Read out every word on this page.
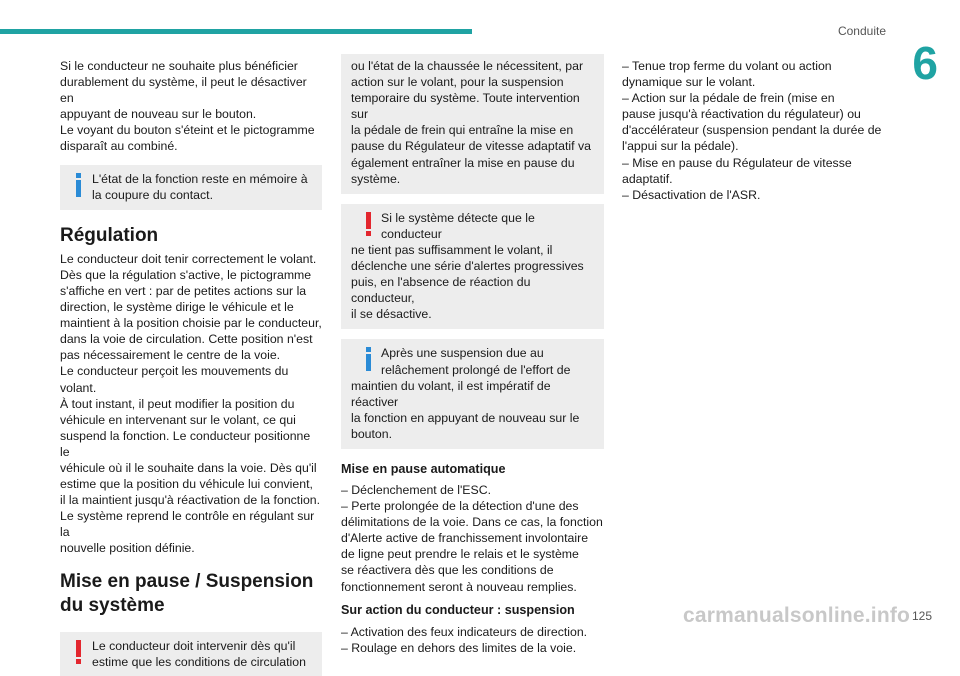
Conduite
6

Si le conducteur ne souhaite plus bénéficier

durablement du système, il peut le désactiver en

appuyant de nouveau sur le bouton.

Le voyant du bouton s'éteint et le pictogramme

disparaît au combiné.

L'état de la fonction reste en mémoire à

la coupure du contact.

Régulation

Le conducteur doit tenir correctement le volant.

Dès que la régulation s'active, le pictogramme

s'affiche en vert : par de petites actions sur la

direction, le système dirige le véhicule et le

maintient à la position choisie par le conducteur,

dans la voie de circulation. Cette position n'est

pas nécessairement le centre de la voie.

Le conducteur perçoit les mouvements du

volant.

À tout instant, il peut modifier la position du

véhicule en intervenant sur le volant, ce qui

suspend la fonction. Le conducteur positionne le

véhicule où il le souhaite dans la voie. Dès qu'il

estime que la position du véhicule lui convient,

il la maintient jusqu'à réactivation de la fonction.

Le système reprend le contrôle en régulant sur la

nouvelle position définie.

Mise en pause / Suspension
du système

Le conducteur doit intervenir dès qu'il

estime que les conditions de circulation

ou l'état de la chaussée le nécessitent, par

action sur le volant, pour la suspension

temporaire du système. Toute intervention sur

la pédale de frein qui entraîne la mise en

pause du Régulateur de vitesse adaptatif va

également entraîner la mise en pause du

système.

Si le système détecte que le conducteur

ne tient pas suffisamment le volant, il

déclenche une série d'alertes progressives

puis, en l'absence de réaction du conducteur,

il se désactive.

Après une suspension due au

relâchement prolongé de l'effort de

maintien du volant, il est impératif de réactiver

la fonction en appuyant de nouveau sur le

bouton.

Mise en pause automatique

– Déclenchement de l'ESC.

– Perte prolongée de la détection d'une des

délimitations de la voie. Dans ce cas, la fonction

d'Alerte active de franchissement involontaire

de ligne peut prendre le relais et le système

se réactivera dès que les conditions de

fonctionnement seront à nouveau remplies.

Sur action du conducteur : suspension

– Activation des feux indicateurs de direction.

– Roulage en dehors des limites de la voie.

– Tenue trop ferme du volant ou action

dynamique sur le volant.

– Action sur la pédale de frein (mise en

pause jusqu'à réactivation du régulateur) ou

d'accélérateur (suspension pendant la durée de

l'appui sur la pédale).

– Mise en pause du Régulateur de vitesse

adaptatif.

– Désactivation de l'ASR.

125
carmanualsonline.info
